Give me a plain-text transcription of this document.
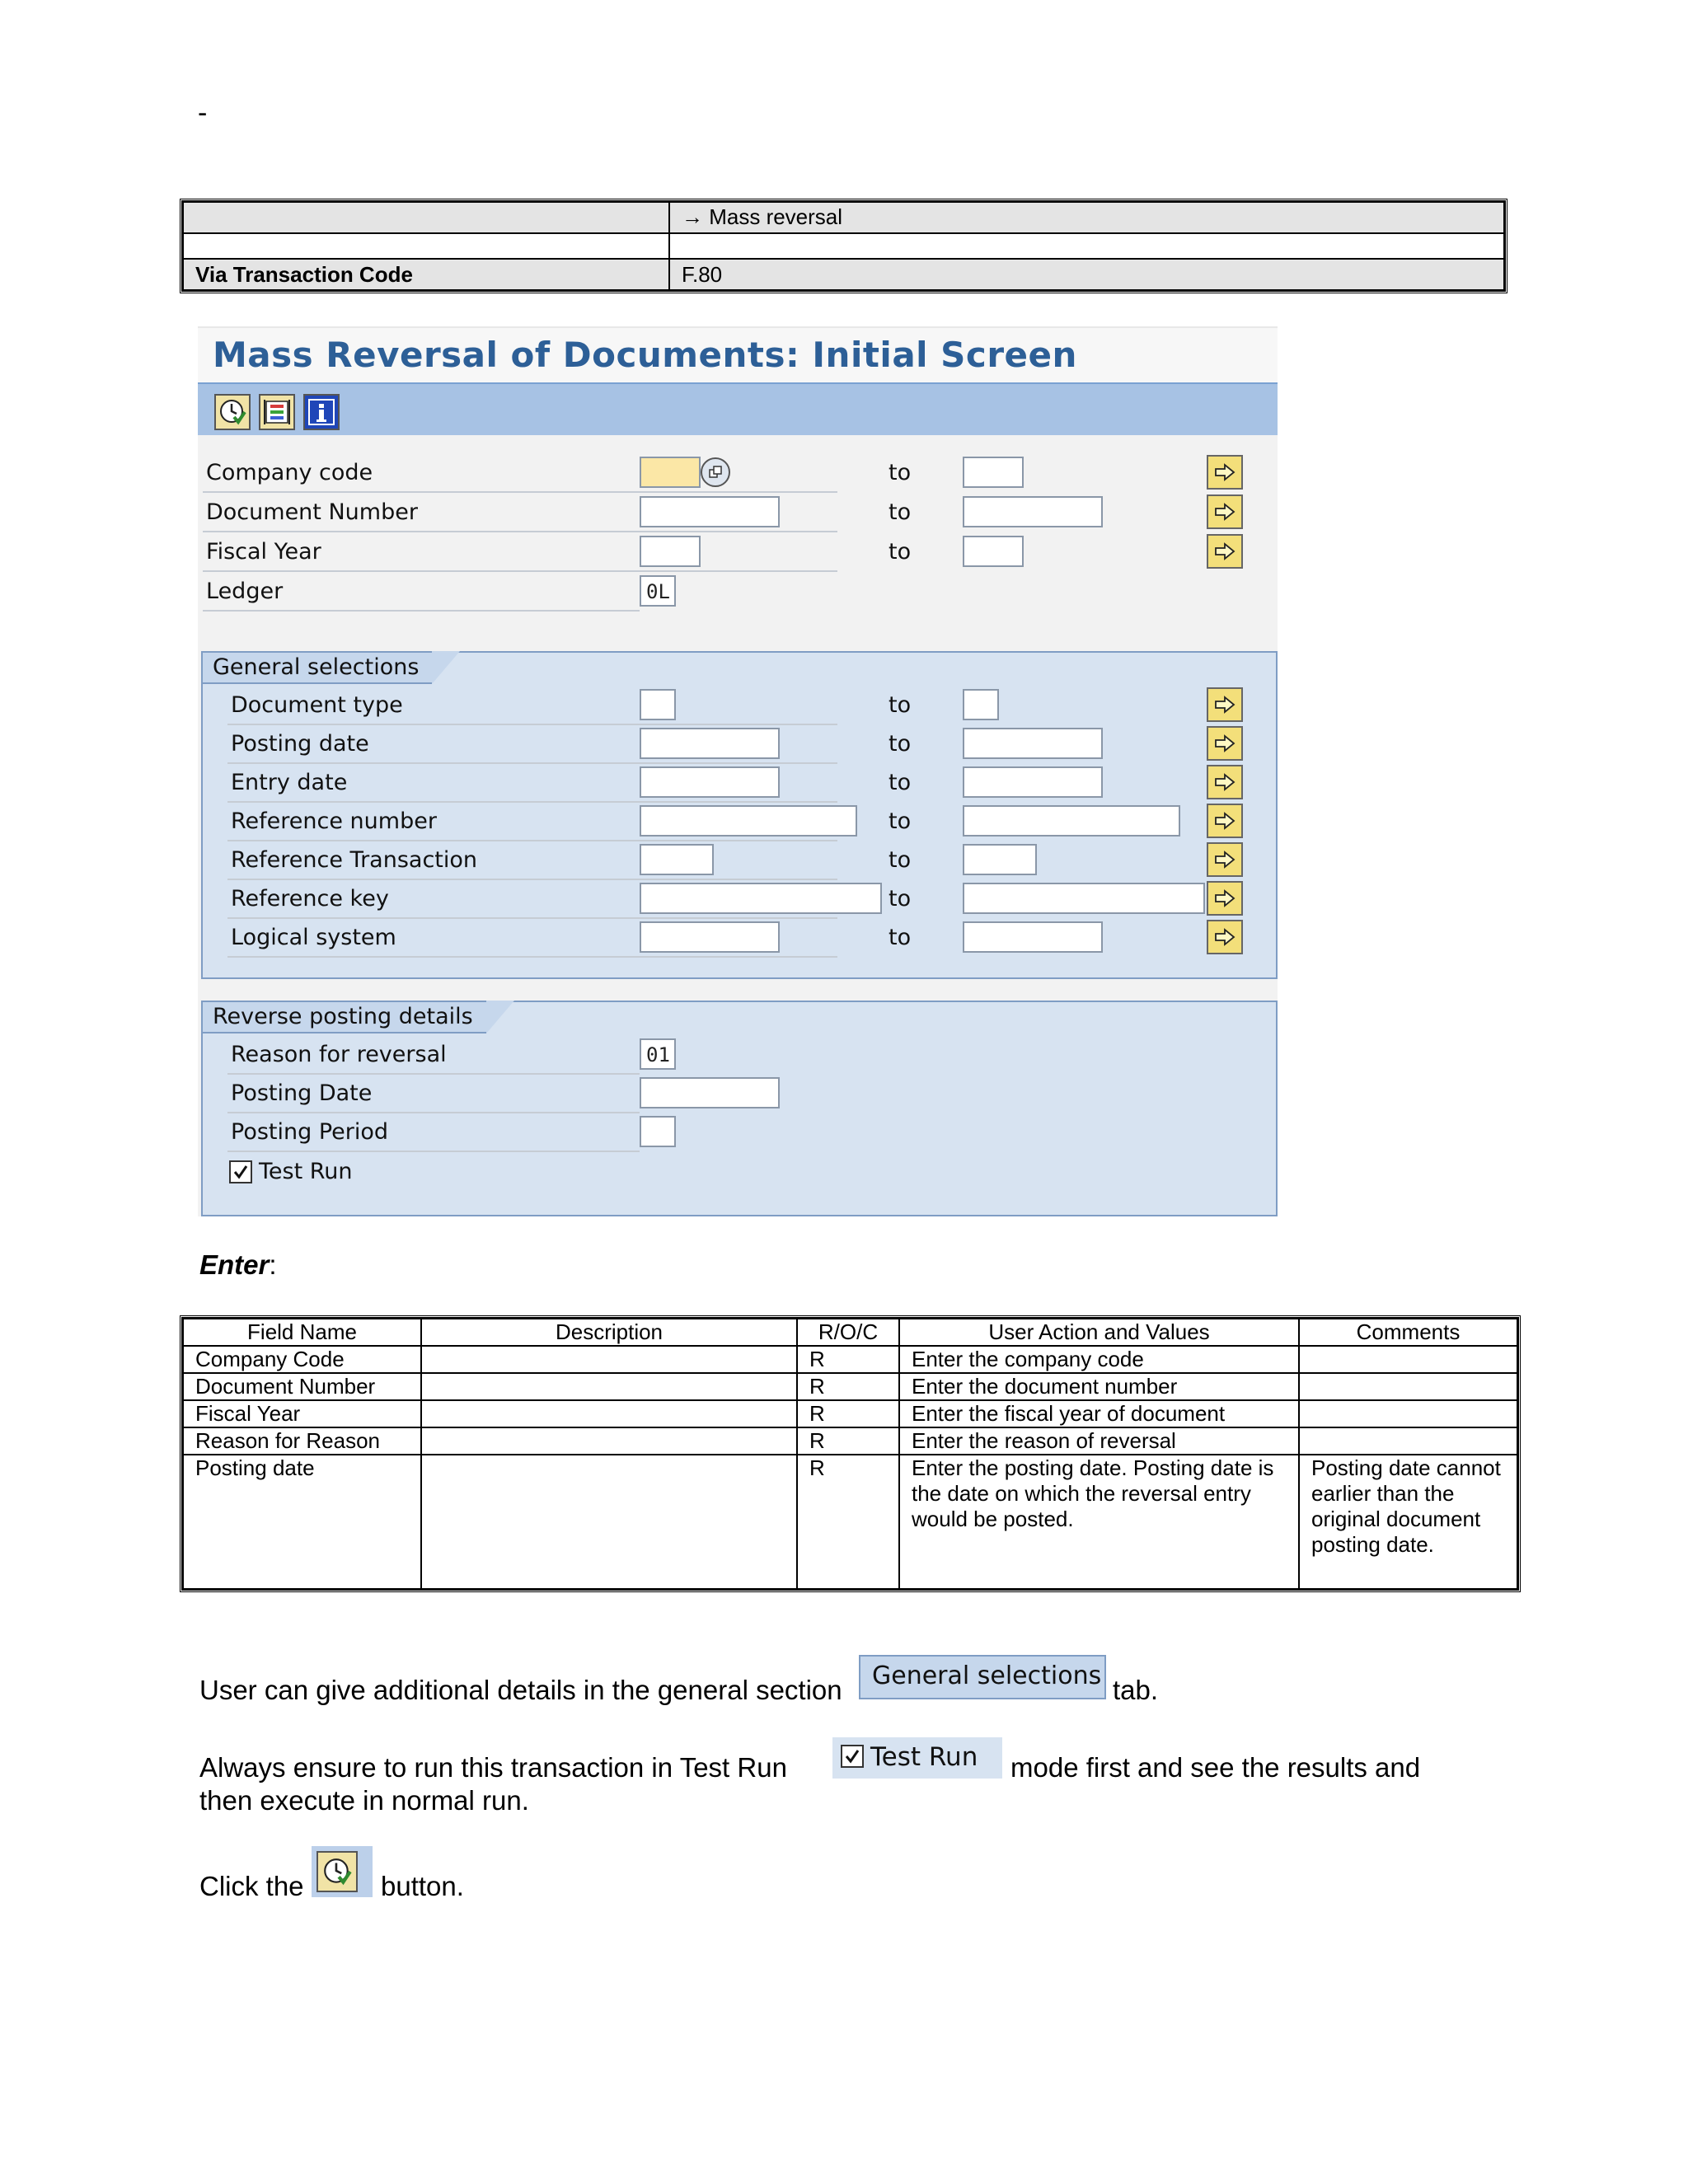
-
	→ Mass reversal

Via Transaction Code	F.80
Mass Reversal of Documents: Initial Screen
Company code	to
Document Number	to
Fiscal Year	to
Ledger	0L
General selections
Document type	to
Posting date	to
Entry date	to
Reference number	to
Reference Transaction	to
Reference key	to
Logical system	to
Reverse posting details
Reason for reversal	01
Posting Date
Posting Period
Test Run
Enter:
Field Name	Description	R/O/C	User Action and Values	Comments
Company Code		R	Enter the company code	
Document Number		R	Enter the document number	
Fiscal Year		R	Enter the fiscal year of document	
Reason for Reason		R	Enter the reason of reversal	
Posting date		R	Enter the posting date. Posting date is the date on which the reversal entry would be posted.	Posting date cannot earlier than the original document posting date.
User can give additional details in the general section	General selections tab.
Always ensure to run this transaction in Test Run	Test Run	mode first and see the results and
then execute in normal run.
Click the	button.
